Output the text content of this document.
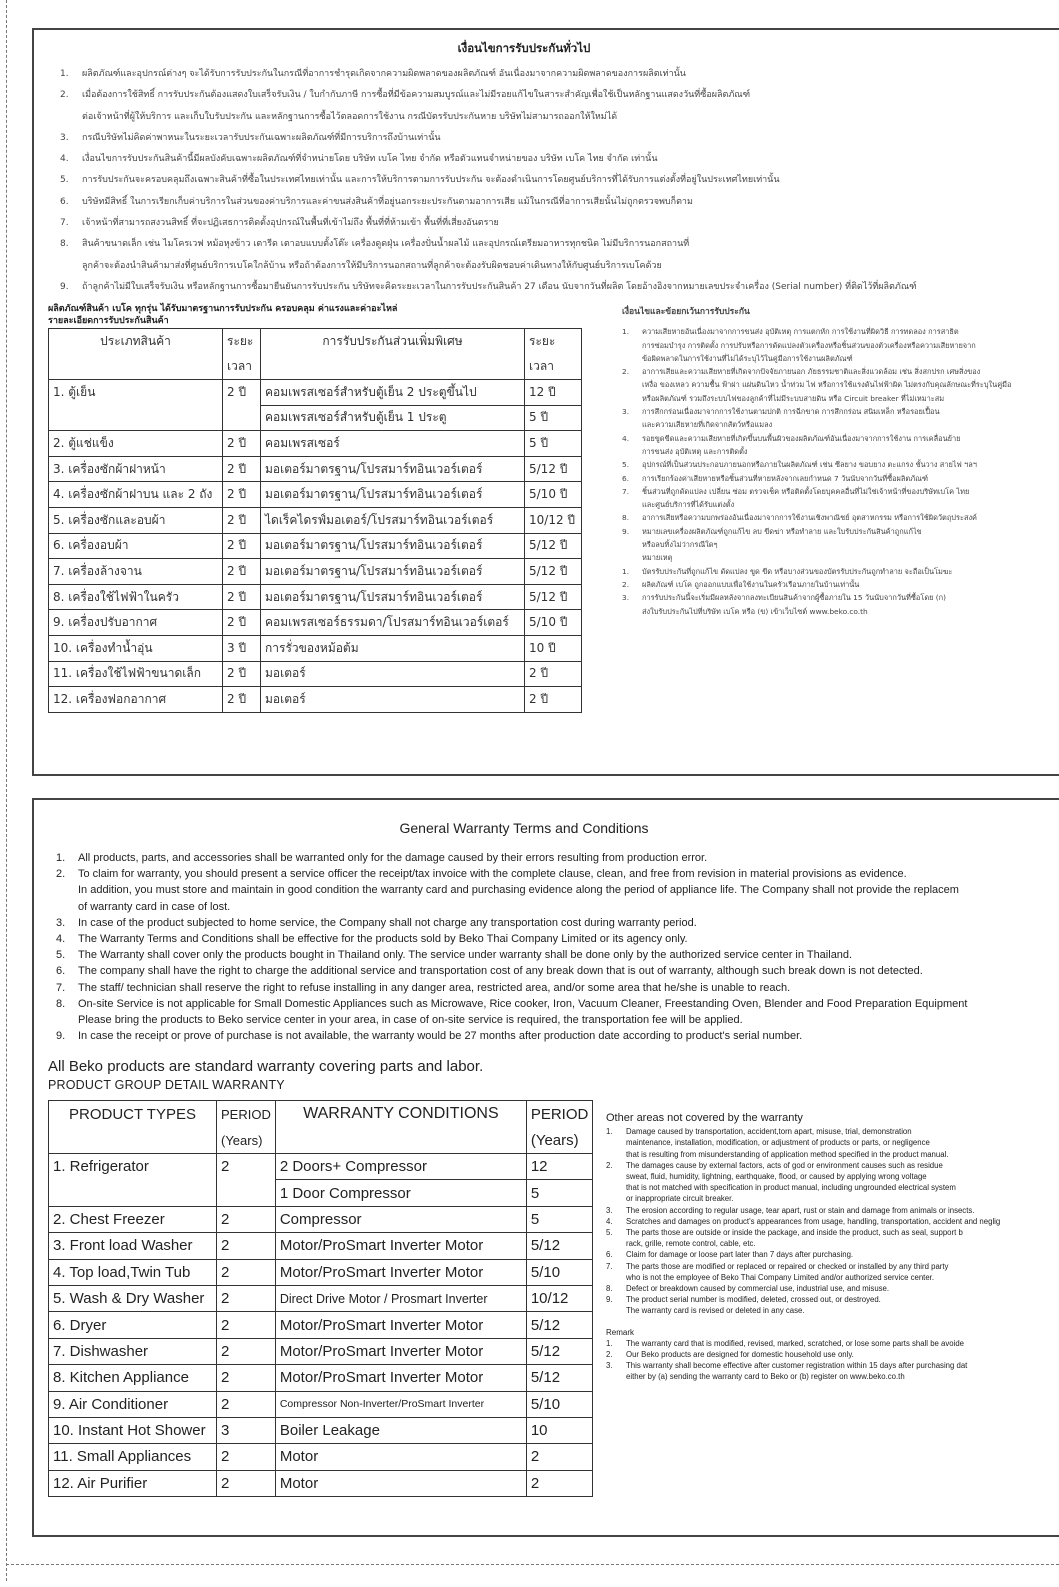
เงื่อนไขการรับประกันทั่วไป
1. ผลิตภัณฑ์และอุปกรณ์ต่างๆ จะได้รับการรับประกันในกรณีที่อาการชำรุดเกิดจากความผิดพลาดของผลิตภัณฑ์ อันเนื่องมาจากความผิดพลาดของการผลิตเท่านั้น
2. เมื่อต้องการใช้สิทธิ์ การรับประกันต้องแสดงใบเสร็จรับเงิน / ใบกำกับภาษี การซื้อที่มีข้อความสมบูรณ์และไม่มีรอยแก้ไขในสาระสำคัญเพื่อใช้เป็นหลักฐานแสดงวันที่ซื้อผลิตภัณฑ์
ต่อเจ้าหน้าที่ผู้ให้บริการ และเก็บใบรับประกัน และหลักฐานการซื้อไว้ตลอดการใช้งาน กรณีบัตรรับประกันหาย บริษัทไม่สามารถออกให้ใหม่ได้
3. กรณีบริษัทไม่คิดค่าพาหนะในระยะเวลารับประกันเฉพาะผลิตภัณฑ์ที่มีการบริการถึงบ้านเท่านั้น
4. เงื่อนไขการรับประกันสินค้านี้มีผลบังคับเฉพาะผลิตภัณฑ์ที่จำหน่ายโดย บริษัท เบโค ไทย จำกัด หรือตัวแทนจำหน่ายของ บริษัท เบโค ไทย จำกัด เท่านั้น
5. การรับประกันจะครอบคลุมถึงเฉพาะสินค้าที่ซื้อในประเทศไทยเท่านั้น และการให้บริการตามการรับประกัน จะต้องดำเนินการโดยศูนย์บริการที่ได้รับการแต่งตั้งที่อยู่ในประเทศไทยเท่านั้น
6. บริษัทมีสิทธิ์ ในการเรียกเก็บค่าบริการในส่วนของค่าบริการและค่าขนส่งสินค้าที่อยู่นอกระยะประกันตามอาการเสีย แม้ในกรณีที่อาการเสียนั้นไม่ถูกตรวจพบก็ตาม
7. เจ้าหน้าที่สามารถสงวนสิทธิ์ ที่จะปฏิเสธการติดตั้งอุปกรณ์ในพื้นที่เข้าไม่ถึง พื้นที่ที่ห้ามเข้า พื้นที่ที่เสี่ยงอันตราย
8. สินค้าขนาดเล็ก เช่น ไมโครเวฟ หม้อหุงข้าว เตารีด เตาอบแบบตั้งโต๊ะ เครื่องดูดฝุ่น เครื่องปั่นน้ำผลไม้ และอุปกรณ์เตรียมอาหารทุกชนิด ไม่มีบริการนอกสถานที่
ลูกค้าจะต้องนำสินค้ามาส่งที่ศูนย์บริการเบโคใกล้บ้าน หรือถ้าต้องการให้มีบริการนอกสถานที่ลูกค้าจะต้องรับผิดชอบค่าเดินทางให้กับศูนย์บริการเบโคด้วย
9. ถ้าลูกค้าไม่มีใบเสร็จรับเงิน หรือหลักฐานการซื้อมายืนยันการรับประกัน บริษัทจะคิดระยะเวลาในการรับประกันสินค้า 27 เดือน นับจากวันที่ผลิต โดยอ้างอิงจากหมายเลขประจำเครื่อง (Serial number) ที่ติดไว้ที่ผลิตภัณฑ์

ผลิตภัณฑ์สินค้า เบโค ทุกรุ่น ได้รับมาตรฐานการรับประกัน ครอบคลุม ค่าแรงและค่าอะไหล่

รายละเอียดการรับประกันสินค้า

ประเภทสินค้า	ระยะ	การรับประกันส่วนเพิ่มพิเศษ	ระยะ
	เวลา		เวลา
1. ตู้เย็น	2 ปี	คอมเพรสเซอร์สำหรับตู้เย็น 2 ประตูขึ้นไป	12 ปี
		คอมเพรสเซอร์สำหรับตู้เย็น 1 ประตู	5 ปี
2. ตู้แช่แข็ง	2 ปี	คอมเพรสเซอร์	5 ปี
3. เครื่องซักผ้าฝาหน้า	2 ปี	มอเตอร์มาตรฐาน/โปรสมาร์ทอินเวอร์เตอร์	5/12 ปี
4. เครื่องซักผ้าฝาบน และ 2 ถัง	2 ปี	มอเตอร์มาตรฐาน/โปรสมาร์ทอินเวอร์เตอร์	5/10 ปี
5. เครื่องซักและอบผ้า	2 ปี	ไดเร็คไดรฟ์มอเตอร์/โปรสมาร์ทอินเวอร์เตอร์	10/12 ปี
6. เครื่องอบผ้า	2 ปี	มอเตอร์มาตรฐาน/โปรสมาร์ทอินเวอร์เตอร์	5/12 ปี
7. เครื่องล้างจาน	2 ปี	มอเตอร์มาตรฐาน/โปรสมาร์ทอินเวอร์เตอร์	5/12 ปี
8. เครื่องใช้ไฟฟ้าในครัว	2 ปี	มอเตอร์มาตรฐาน/โปรสมาร์ทอินเวอร์เตอร์	5/12 ปี
9. เครื่องปรับอากาศ	2 ปี	คอมเพรสเซอร์ธรรมดา/โปรสมาร์ทอินเวอร์เตอร์	5/10 ปี
10. เครื่องทำน้ำอุ่น	3 ปี	การรั่วของหม้อต้ม	10 ปี
11. เครื่องใช้ไฟฟ้าขนาดเล็ก	2 ปี	มอเตอร์	2 ปี
12. เครื่องฟอกอากาศ	2 ปี	มอเตอร์	2 ปี
เงื่อนไขและข้อยกเว้นการรับประกัน
1. ความเสียหายอันเนื่องมาจากการขนส่ง อุบัติเหตุ การแตกหัก การใช้งานที่ผิดวิธี การทดลอง การสาธิต
การซ่อมบำรุง การติดตั้ง การปรับหรือการดัดแปลงตัวเครื่องหรือชิ้นส่วนของตัวเครื่องหรือความเสียหายจาก
ข้อผิดพลาดในการใช้งานที่ไม่ได้ระบุไว้ในคู่มือการใช้งานผลิตภัณฑ์
2. อาการเสียและความเสียหายที่เกิดจากปัจจัยภายนอก ภัยธรรมชาติและสิ่งแวดล้อม เช่น สิ่งสกปรก เศษสิ่งของ
เหงื่อ ของเหลว ความชื้น ฟ้าผ่า แผ่นดินไหว น้ำท่วม ไฟ หรือการใช้แรงดันไฟฟ้าผิด ไม่ตรงกับคุณลักษณะที่ระบุในคู่มือ
หรือผลิตภัณฑ์ รวมถึงระบบไฟของลูกค้าที่ไม่มีระบบสายดิน หรือ Circuit breaker ที่ไม่เหมาะสม
3. การสึกกร่อนเนื่องมาจากการใช้งานตามปกติ การฉีกขาด การสึกกร่อน สนิมเหล็ก หรือรอยเปื้อน
และความเสียหายที่เกิดจากสัตว์หรือแมลง
4. รอยขูดขีดและความเสียหายที่เกิดขึ้นบนพื้นผิวของผลิตภัณฑ์อันเนื่องมาจากการใช้งาน การเคลื่อนย้าย
การขนส่ง อุบัติเหตุ และการติดตั้ง
5. อุปกรณ์ที่เป็นส่วนประกอบภายนอกหรือภายในผลิตภัณฑ์ เช่น ซีลยาง ขอบยาง ตะแกรง ชั้นวาง สายไฟ ฯลฯ
6. การเรียกร้องค่าเสียหายหรือชิ้นส่วนที่หายหลังจากเลยกำหนด 7 วันนับจากวันที่ซื้อผลิตภัณฑ์
7. ชิ้นส่วนที่ถูกดัดแปลง เปลี่ยน ซ่อม ตรวจเช็ค หรือติดตั้งโดยบุคคลอื่นที่ไม่ใช่เจ้าหน้าที่ของบริษัทเบโค ไทย
และศูนย์บริการที่ได้รับแต่งตั้ง
8. อาการเสียหรือความบกพร่องอันเนื่องมาจากการใช้งานเชิงพาณิชย์ อุตสาหกรรม หรือการใช้ผิดวัตถุประสงค์
9. หมายเลขเครื่องผลิตภัณฑ์ถูกแก้ไข ลบ ขีดฆ่า หรือทำลาย และใบรับประกันสินค้าถูกแก้ไข
หรือลบทิ้งไม่ว่ากรณีใดๆ

หมายเหตุ

1. บัตรรับประกันที่ถูกแก้ไข ดัดแปลง ขูด ขีด หรือบางส่วนของบัตรรับประกันถูกทำลาย จะถือเป็นโมฆะ
2. ผลิตภัณฑ์ เบโค ถูกออกแบบเพื่อใช้งานในครัวเรือนภายในบ้านเท่านั้น
3. การรับประกันนี้จะเริ่มมีผลหลังจากลงทะเบียนสินค้าจากผู้ซื้อภายใน 15 วันนับจากวันที่ซื้อโดย (ก)
ส่งใบรับประกันไปที่บริษัท เบโค หรือ (ข) เข้าเว็บไซต์ www.beko.co.th
General Warranty Terms and Conditions
1. All products, parts, and accessories shall be warranted only for the damage caused by their errors resulting from production error.
2. To claim for warranty, you should present a service officer the receipt/tax invoice with the complete clause, clean, and free from revision in material provisions as evidence.
In addition, you must store and maintain in good condition the warranty card and purchasing evidence along the period of appliance life. The Company shall not provide the replacem
of warranty card in case of lost.
3. In case of the product subjected to home service, the Company shall not charge any transportation cost during warranty period.
4. The Warranty Terms and Conditions shall be effective for the products sold by Beko Thai Company Limited or its agency only.
5. The Warranty shall cover only the products bought in Thailand only. The service under warranty shall be done only by the authorized service center in Thailand.
6. The company shall have the right to charge the additional service and transportation cost of any break down that is out of warranty, although such break down is not detected.
7. The staff/ technician shall reserve the right to refuse installing in any danger area, restricted area, and/or some area that he/she is unable to reach.
8. On-site Service is not applicable for Small Domestic Appliances such as Microwave, Rice cooker, Iron, Vacuum Cleaner, Freestanding Oven, Blender and Food Preparation Equipment
Please bring the products to Beko service center in your area, in case of on-site service is required, the transportation fee will be applied.
9. In case the receipt or prove of purchase is not available, the warranty would be 27 months after production date according to product's serial number.

All Beko products are standard warranty covering parts and labor.

PRODUCT GROUP DETAIL WARRANTY

PRODUCT TYPES	PERIOD	WARRANTY CONDITIONS	PERIOD
	(Years)		(Years)
1. Refrigerator	2	2 Doors+ Compressor	12
		1 Door Compressor	5
2. Chest Freezer	2	Compressor	5
3. Front load Washer	2	Motor/ProSmart Inverter Motor	5/12
4. Top load,Twin Tub	2	Motor/ProSmart Inverter Motor	5/10
5. Wash & Dry Washer	2	Direct Drive Motor / Prosmart Inverter	10/12
6. Dryer	2	Motor/ProSmart Inverter Motor	5/12
7. Dishwasher	2	Motor/ProSmart Inverter Motor	5/12
8. Kitchen Appliance	2	Motor/ProSmart Inverter Motor	5/12
9. Air Conditioner	2	Compressor Non-Inverter/ProSmart Inverter	5/10
10. Instant Hot Shower	3	Boiler Leakage	10
11. Small Appliances	2	Motor	2
12. Air Purifier	2	Motor	2
Other areas not covered by the warranty
1. Damage caused by transportation, accident,torn apart, misuse, trial, demonstration
maintenance, installation, modification, or adjustment of products or parts, or negligence
that is resulting from misunderstanding of application method specified in the product manual.
2. The damages cause by external factors, acts of god or environment causes such as residue
sweat, fluid, humidity, lightning, earthquake, flood, or caused by applying wrong voltage
that is not matched with specification in product manual, including ungrounded electrical system
or inappropriate circuit breaker.
3. The erosion according to regular usage, tear apart, rust or stain and damage from animals or insects.
4. Scratches and damages on product's appearances from usage, handling, transportation, accident and neglig
5. The parts those are outside or inside the package, and inside the product, such as seal, support b
rack, grille, remote control, cable, etc.
6. Claim for damage or loose part later than 7 days after purchasing.
7. The parts those are modified or replaced or repaired or checked or installed by any third party
who is not the employee of Beko Thai Company Limited and/or authorized service center.
8. Defect or breakdown caused by commercial use, industrial use, and misuse.
9. The product serial number is modified, deleted, crossed out, or destroyed.
The warranty card is revised or deleted in any case.

Remark

1. The warranty card that is modified, revised, marked, scratched, or lose some parts shall be avoide
2. Our Beko products are designed for domestic household use only.
3. This warranty shall become effective after customer registration within 15 days after purchasing dat
either by (a) sending the warranty card to Beko or (b) register on www.beko.co.th
